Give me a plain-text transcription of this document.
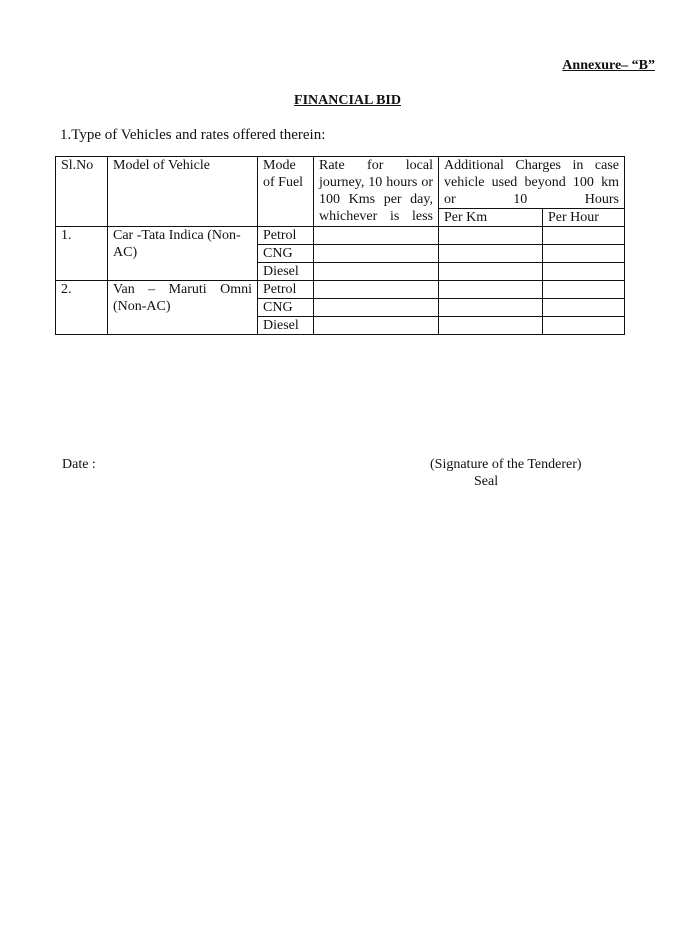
Annexure– “B”
FINANCIAL BID
1.Type of Vehicles and rates offered therein:
Sl.No	Model of Vehicle	Mode of Fuel	Rate for local journey, 10 hours or 100 Kms per day, whichever is less	Additional Charges in case vehicle used beyond 100 km or 10 Hours	
				Per Km	Per Hour
1.	Car -Tata Indica (Non-AC)	Petrol			
		CNG			
		Diesel			
2.	Van – Maruti Omni (Non-AC)	Petrol			
		CNG			
		Diesel			
Date :	(Signature of the Tenderer)
Seal
